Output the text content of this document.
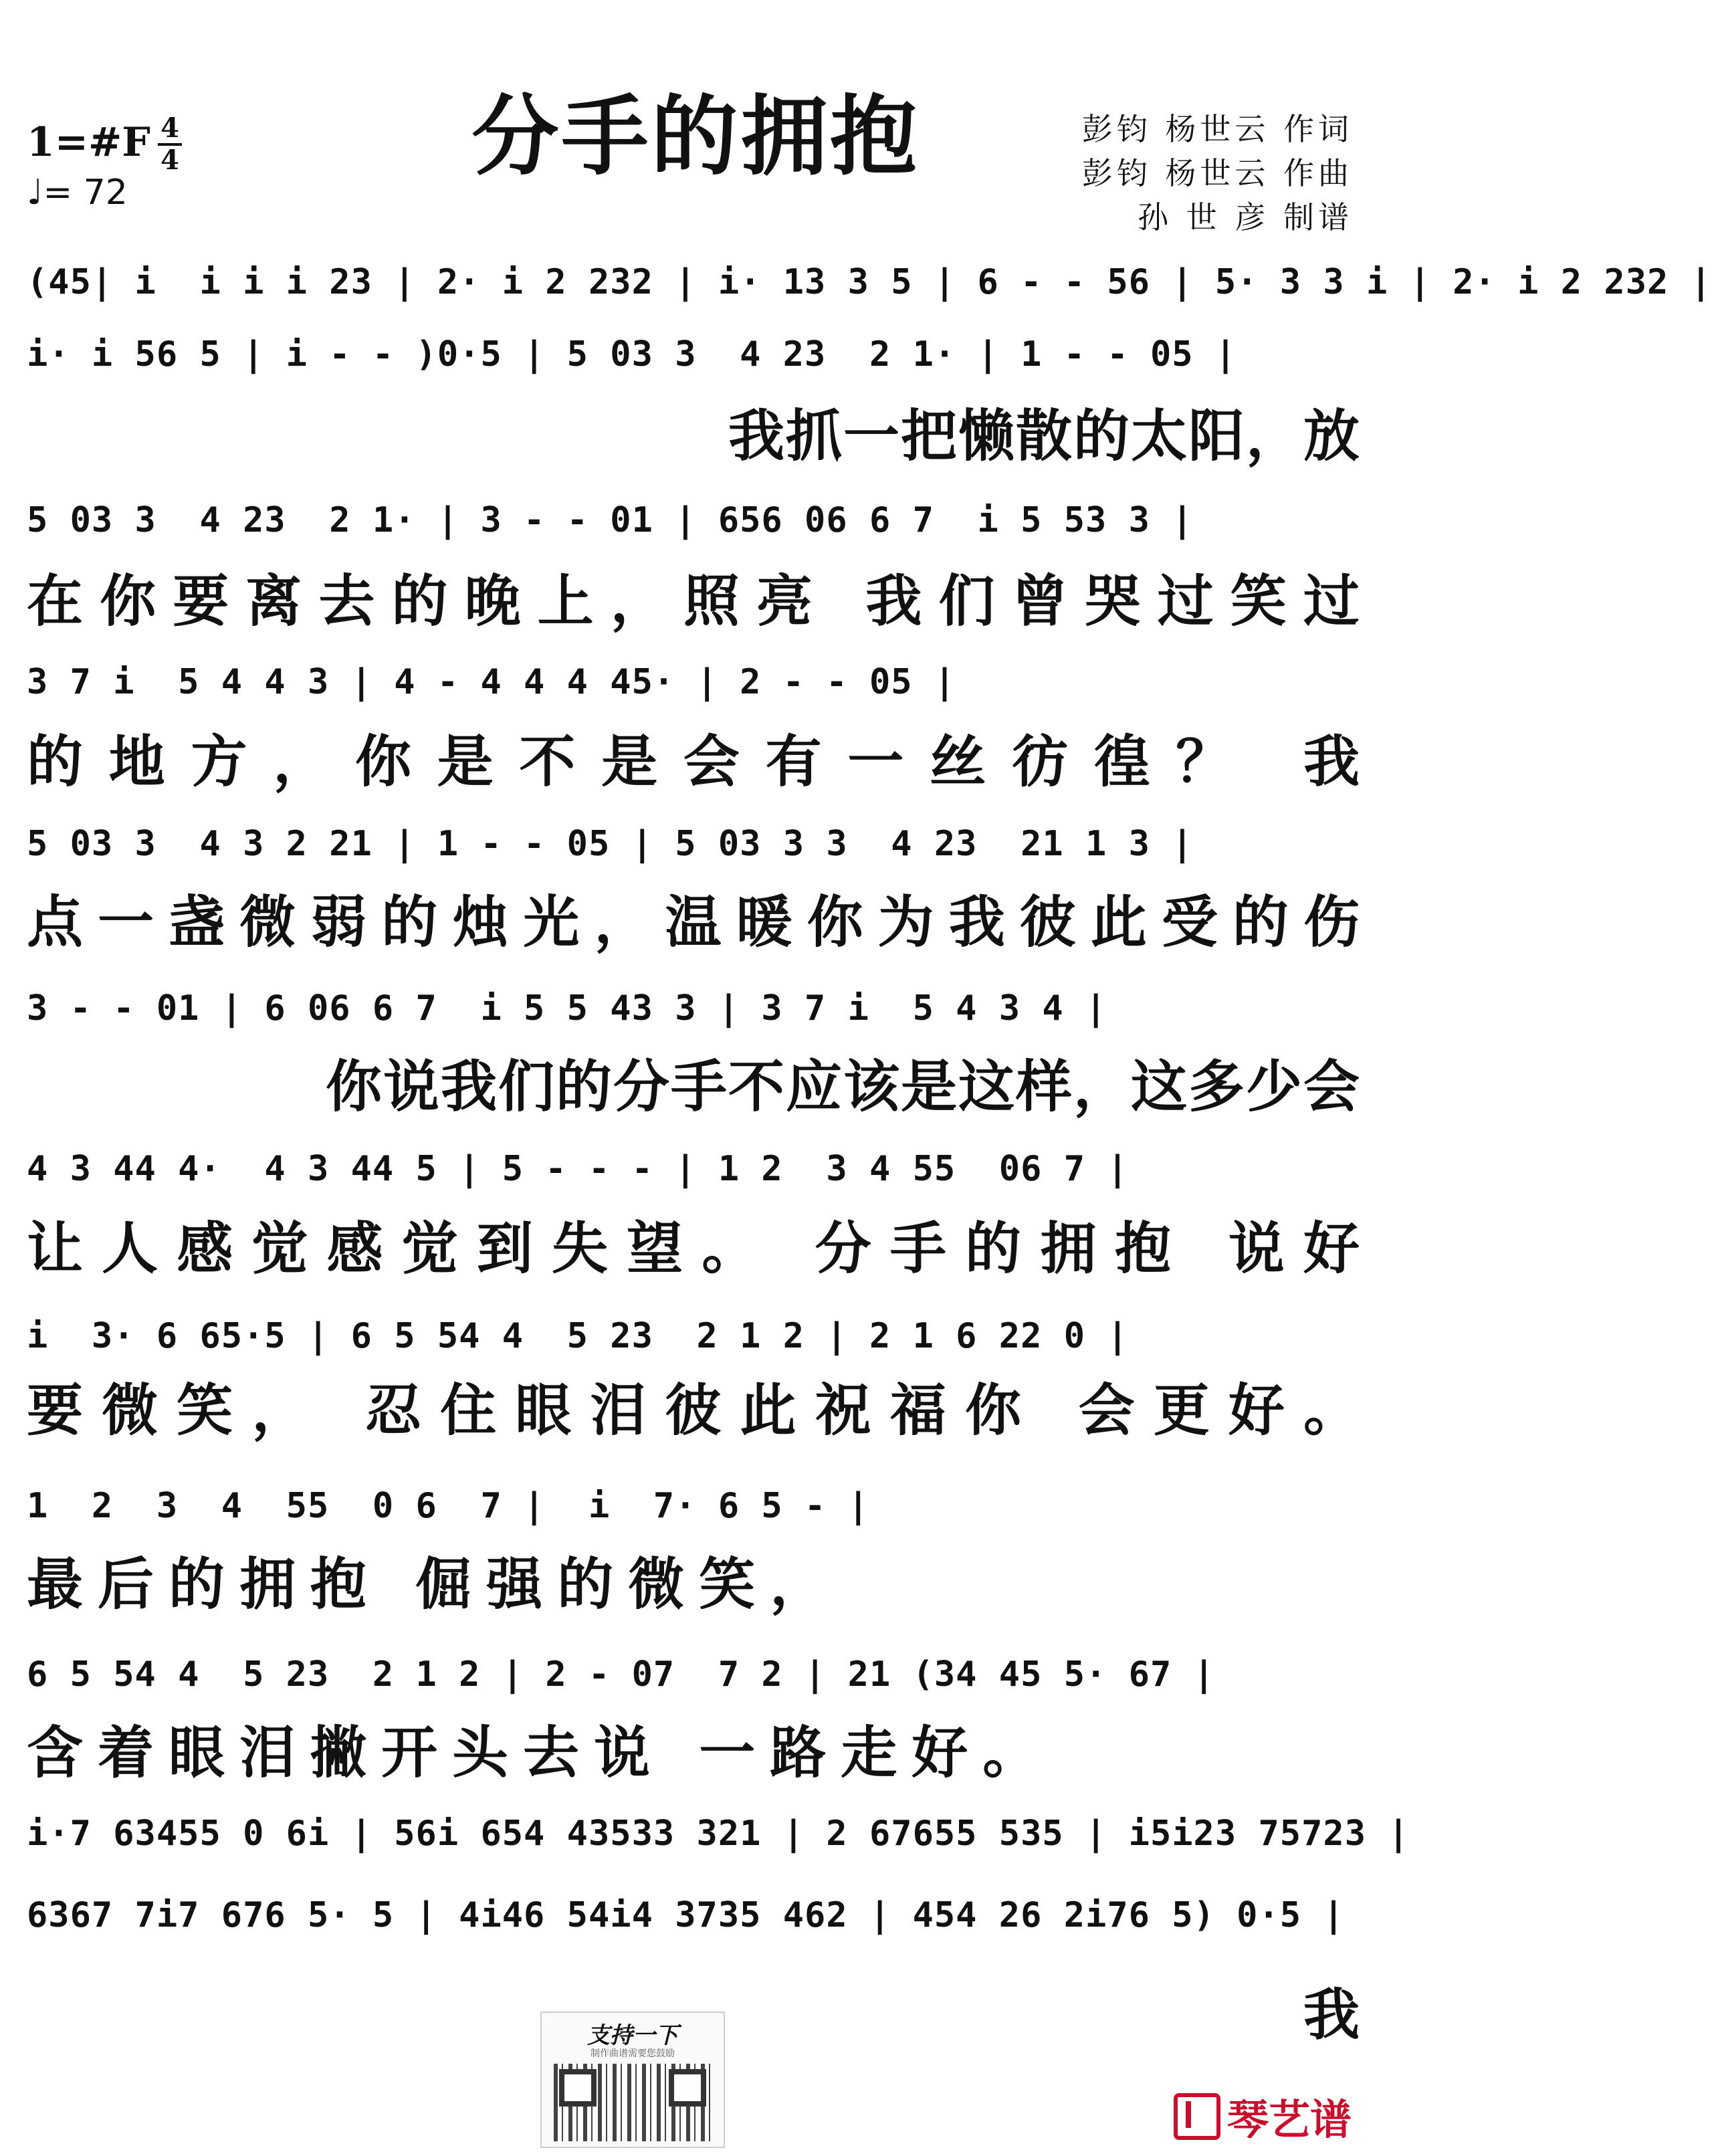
分手的拥抱
1=#F 4
4
♩= 72
彭钧 杨世云 作词
彭钧 杨世云 作曲
孙 世 彦 制谱
(45| i  i i i 23 | 2· i 2 232 | i· 13 3 5 | 6 - - 56 | 5· 3 3 i | 2· i 2 232 |
i· i 56 5 | i - - )0·5 | 5 03 3  4 23  2 1· | 1 - - 05 |
我抓一把懒散的太阳，放
5 03 3  4 23  2 1· | 3 - - 01 | 656 06 6 7  i 5 53 3 |
在你要离去的晚上，照亮 我们曾哭过笑过
3 7 i  5 4 4 3 | 4 - 4 4 4 45· | 2 - - 05 |
的地方，你是不是会有一丝彷徨？ 我
5 03 3  4 3 2 21 | 1 - - 05 | 5 03 3 3  4 23  21 1 3 |
点一盏微弱的烛光，温暖你为我彼此受的伤
3 - - 01 | 6 06 6 7  i 5 5 43 3 | 3 7 i  5 4 3 4 |
你说我们的分手不应该是这样，这多少会
4 3 44 4·  4 3 44 5 | 5 - - - | 1 2  3 4 55  06 7 |
让人感觉感觉到失望。 分手的拥抱 说好
i  3· 6 65·5 | 6 5 54 4  5 23  2 1 2 | 2 1 6 22 0 |
要微笑， 忍住眼泪彼此祝福你 会更好。
1  2  3  4  55  0 6  7 |  i  7· 6 5 - |
最后的拥抱 倔强的微笑，
6 5 54 4  5 23  2 1 2 | 2 - 07  7 2 | 21 (34 45 5· 67 |
含着眼泪撇开头去说 一路走好。
i·7 63455 0 6i | 56i 654 43533 321 | 2 67655 535 | i5i23 75723 |
6367 7i7 676 5· 5 | 4i46 54i4 3735 462 | 454 26 2i76 5) 0·5 |
我
支持一下
制作曲谱需要您鼓励
琴艺谱
